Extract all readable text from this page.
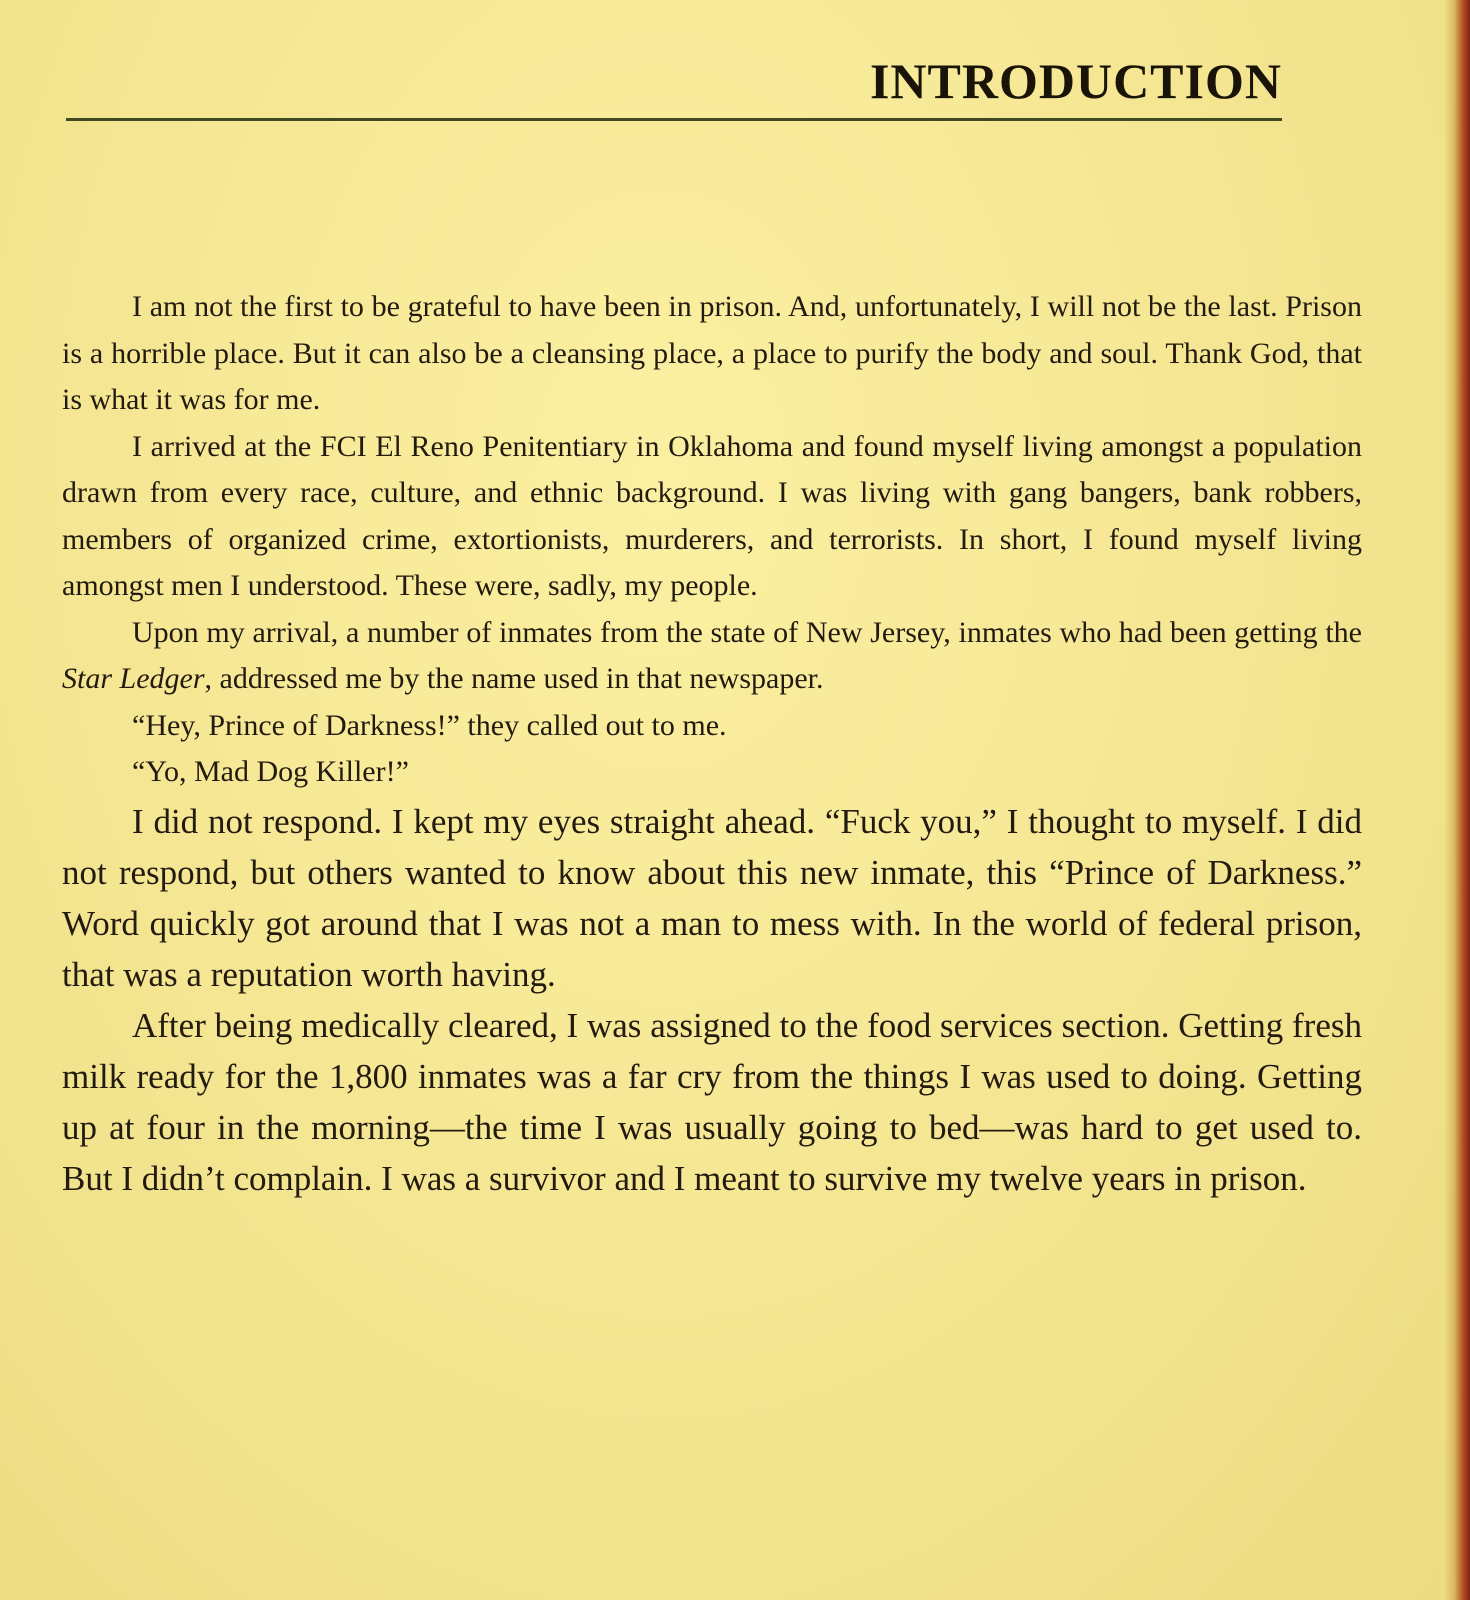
INTRODUCTION

I am not the first to be grateful to have been in prison. And, unfortunately, I will not be the last. Prison is a horrible place. But it can also be a cleansing place, a place to purify the body and soul. Thank God, that is what it was for me.

I arrived at the FCI El Reno Penitentiary in Oklahoma and found myself living amongst a population drawn from every race, culture, and ethnic background. I was living with gang bangers, bank robbers, members of organized crime, extortionists, murderers, and terrorists. In short, I found myself living amongst men I understood. These were, sadly, my people.

Upon my arrival, a number of inmates from the state of New Jersey, inmates who had been getting the Star Ledger, addressed me by the name used in that newspaper.

“Hey, Prince of Darkness!” they called out to me.

“Yo, Mad Dog Killer!”

I did not respond. I kept my eyes straight ahead. “Fuck you,” I thought to myself. I did not respond, but others wanted to know about this new inmate, this “Prince of Darkness.” Word quickly got around that I was not a man to mess with. In the world of federal prison, that was a reputation worth having.

After being medically cleared, I was assigned to the food services section. Getting fresh milk ready for the 1,800 inmates was a far cry from the things I was used to doing. Getting up at four in the morning—the time I was usually going to bed—was hard to get used to. But I didn’t complain. I was a survivor and I meant to survive my twelve years in prison.
